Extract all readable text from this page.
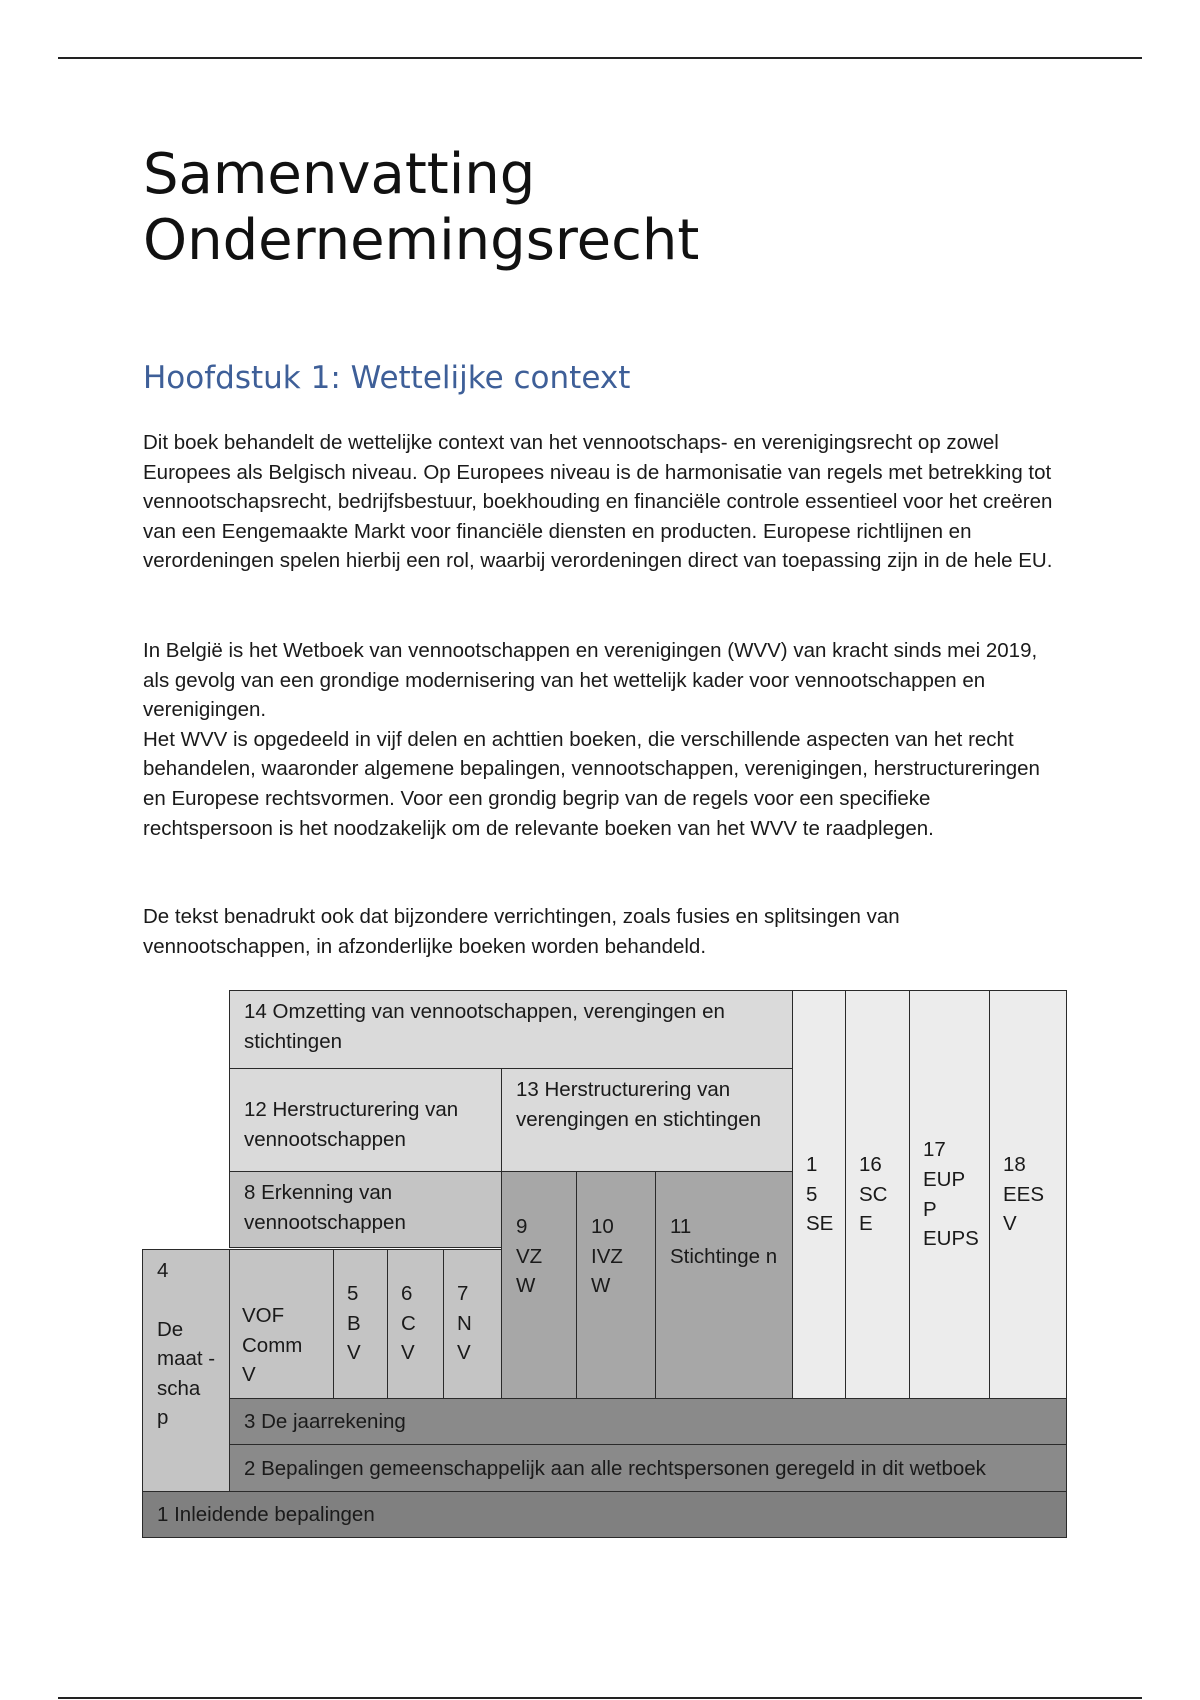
Samenvatting
Ondernemingsrecht
Hoofdstuk 1: Wettelijke context

Dit boek behandelt de wettelijke context van het vennootschaps- en verenigingsrecht op zowel Europees als Belgisch niveau. Op Europees niveau is de harmonisatie van regels met betrekking tot vennootschapsrecht, bedrijfsbestuur, boekhouding en financiële controle essentieel voor het creëren van een Eengemaakte Markt voor financiële diensten en producten. Europese richtlijnen en verordeningen spelen hierbij een rol, waarbij verordeningen direct van toepassing zijn in de hele EU.

In België is het Wetboek van vennootschappen en verenigingen (WVV) van kracht sinds mei 2019, als gevolg van een grondige modernisering van het wettelijk kader voor vennootschappen en verenigingen.
Het WVV is opgedeeld in vijf delen en achttien boeken, die verschillende aspecten van het recht behandelen, waaronder algemene bepalingen, vennootschappen, verenigingen, herstructureringen en Europese rechtsvormen. Voor een grondig begrip van de regels voor een specifieke rechtspersoon is het noodzakelijk om de relevante boeken van het WVV te raadplegen.

De tekst benadrukt ook dat bijzondere verrichtingen, zoals fusies en splitsingen van vennootschappen, in afzonderlijke boeken worden behandeld.

14 Omzetting van vennootschappen, verengingen en stichtingen
12 Herstructurering van vennootschappen
13 Herstructurering van verengingen en stichtingen
8 Erkenning van vennootschappen
4
De maat - scha p
VOF Comm V
5 B V
6 C V
7 N V
9 VZ W
10 IVZ W
11 Stichtinge n
1 5 SE
16 SC E
17 EUP P EUPS
18 EES V
3 De jaarrekening
2 Bepalingen gemeenschappelijk aan alle rechtspersonen geregeld in dit wetboek
1 Inleidende bepalingen
